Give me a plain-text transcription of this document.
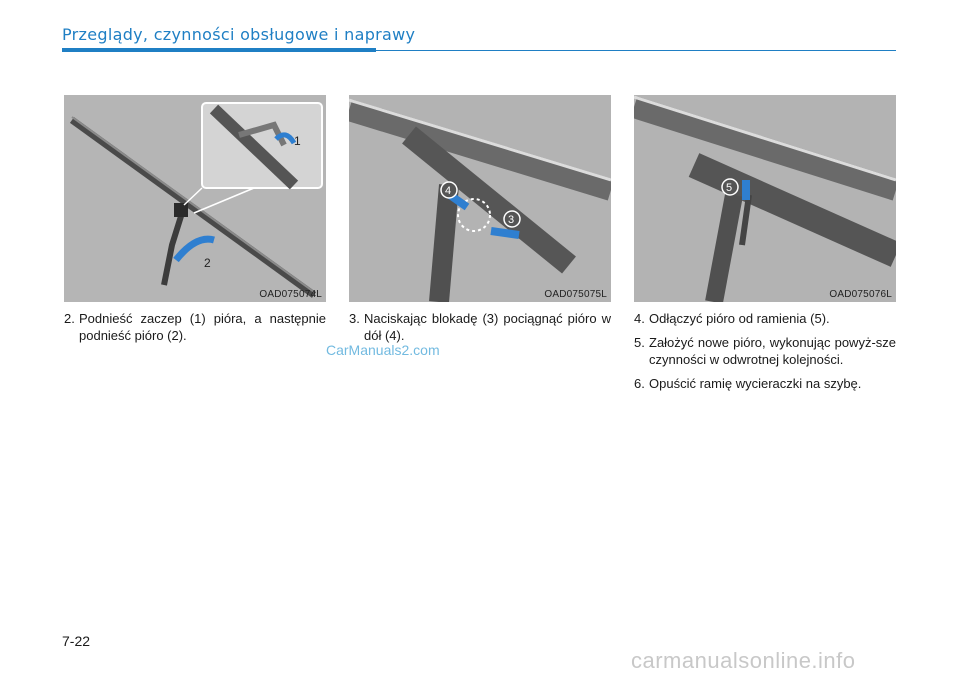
Przeglądy, czynności obsługowe i naprawy
1
2
OAD075074L
4
3
OAD075075L
5
OAD075076L
2. Podnieść zaczep (1) pióra, a następnie podnieść pióro (2).
3. Naciskając blokadę (3) pociągnąć pióro w dół (4).
4. Odłączyć pióro od ramienia (5).
5. Założyć nowe pióro, wykonując powyż-sze czynności w odwrotnej kolejności.
6. Opuścić ramię wycieraczki na szybę.
CarManuals2.com
7-22
carmanualsonline.info
